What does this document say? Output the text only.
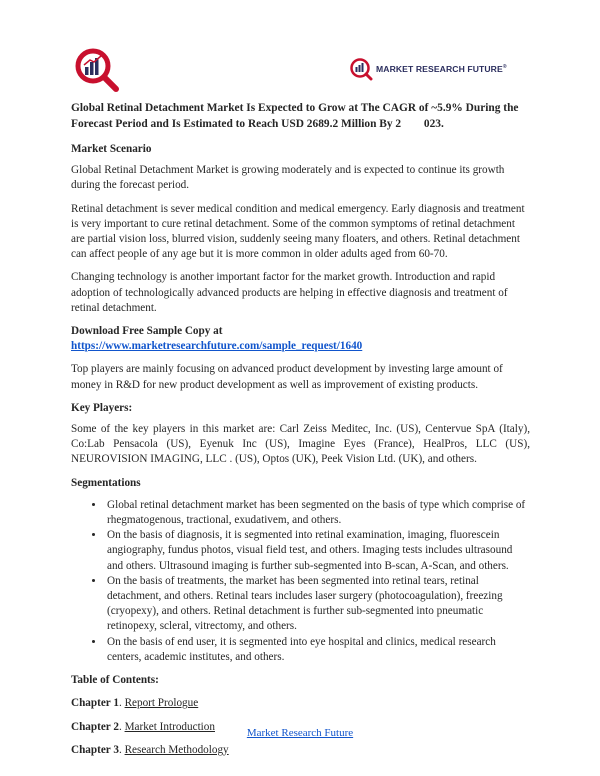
MARKET RESEARCH FUTURE®

Global Retinal Detachment Market Is Expected to Grow at The CAGR of ~5.9% During the Forecast Period and Is Estimated to Reach USD 2689.2 Million By 2        023.

Market Scenario

Global Retinal Detachment Market is growing moderately and is expected to continue its growth during the forecast period.

Retinal detachment is sever medical condition and medical emergency. Early diagnosis and treatment is very important to cure retinal detachment. Some of the common symptoms of retinal detachment are partial vision loss, blurred vision, suddenly seeing many floaters, and others. Retinal detachment can affect people of any age but it is more common in older adults aged from 60-70.

Changing technology is another important factor for the market growth. Introduction and rapid adoption of technologically advanced products are helping in effective diagnosis and treatment of retinal detachment.

Download Free Sample Copy at

https://www.marketresearchfuture.com/sample_request/1640

Top players are mainly focusing on advanced product development by investing large amount of money in R&D for new product development as well as improvement of existing products.

Key Players:

Some of the key players in this market are: Carl Zeiss Meditec, Inc. (US), Centervue SpA (Italy), Co:Lab Pensacola (US), Eyenuk Inc (US), Imagine Eyes (France), HealPros, LLC (US), NEUROVISION IMAGING, LLC . (US), Optos (UK), Peek Vision Ltd. (UK), and others.

Segmentations

• Global retinal detachment market has been segmented on the basis of type which comprise of rhegmatogenous, tractional, exudativem, and others.
• On the basis of diagnosis, it is segmented into retinal examination, imaging, fluorescein angiography, fundus photos, visual field test, and others. Imaging tests includes ultrasound and others. Ultrasound imaging is further sub-segmented into B-scan, A-Scan, and others.
• On the basis of treatments, the market has been segmented into retinal tears, retinal detachment, and others. Retinal tears includes laser surgery (photocoagulation), freezing (cryopexy), and others. Retinal detachment is further sub-segmented into pneumatic retinopexy, scleral, vitrectomy, and others.
• On the basis of end user, it is segmented into eye hospital and clinics, medical research centers, academic institutes, and others.

Table of Contents:

Chapter 1. Report Prologue

Chapter 2. Market Introduction

Chapter 3. Research Methodology

Market Research Future
